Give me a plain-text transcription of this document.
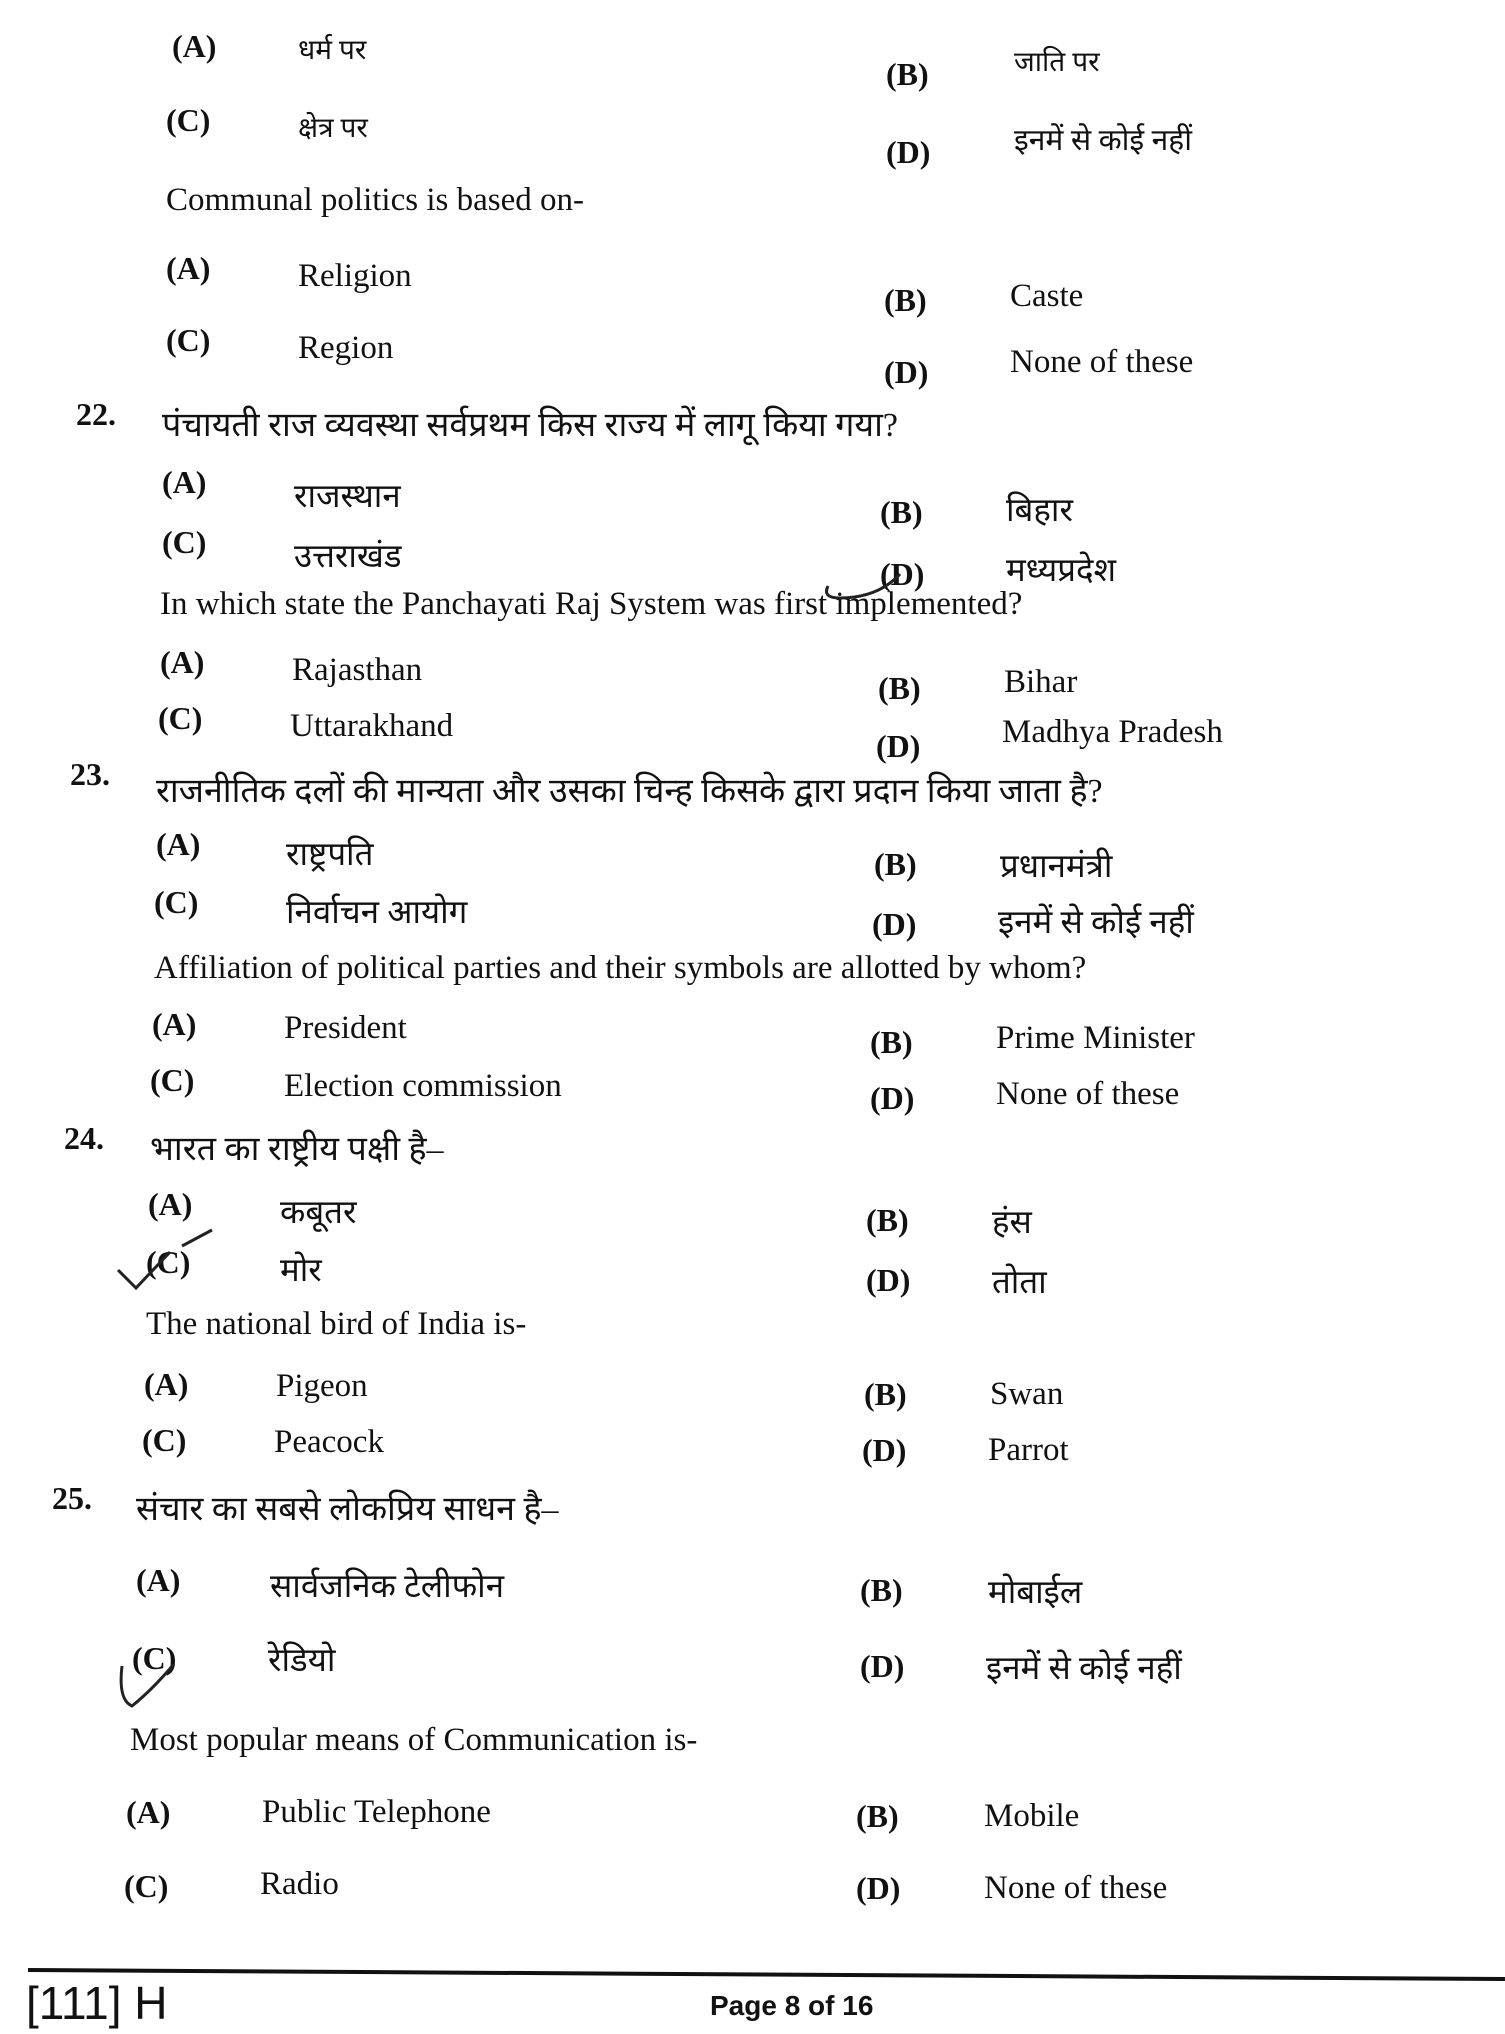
(A)	धर्म पर
(B)	जाति पर
(C)	क्षेत्र पर
(D)	इनमें से कोई नहीं
Communal politics is based on-
(A)	Religion
(B)	Caste
(C)	Region
(D) None of these
22. पंचायती राज व्यवस्था सर्वप्रथम किस राज्य में लागू किया गया?
(A)	राजस्थान	(B)	बिहार
(C)	उत्तराखंड	(D) मध्यप्रदेश
In which state the Panchayati Raj System was first implemented?
(A)	Rajasthan	(B)	Bihar
(C)	Uttarakhand
(D) Madhya Pradesh
23. राजनीतिक दलों की मान्यता और उसका चिन्ह किसके द्वारा प्रदान किया जाता है?
(A)	राष्ट्रपति	(B)	प्रधानमंत्री
(C)	निर्वाचन आयोग	(D) इनमें से कोई नहीं
Affiliation of political parties and their symbols are allotted by whom?
(A)	President	(B)	Prime Minister
(C)	Election commission	(D) None of these
24. भारत का राष्ट्रीय पक्षी है–
(A)	कबूतर	(B)	हंस
(C)	मोर	(D) तोता
The national bird of India is-
(A)	Pigeon	(B)	Swan
(C)	Peacock	(D) Parrot
25. संचार का सबसे लोकप्रिय साधन है–
(A)	सार्वजनिक टेलीफोन	(B)	मोबाईल
(C)	रेडियो	(D) इनमें से कोई नहीं
Most popular means of Communication is-
(A)	Public Telephone	(B)	Mobile
(C)	Radio	(D)	None of these
[111] H	Page 8 of 16
